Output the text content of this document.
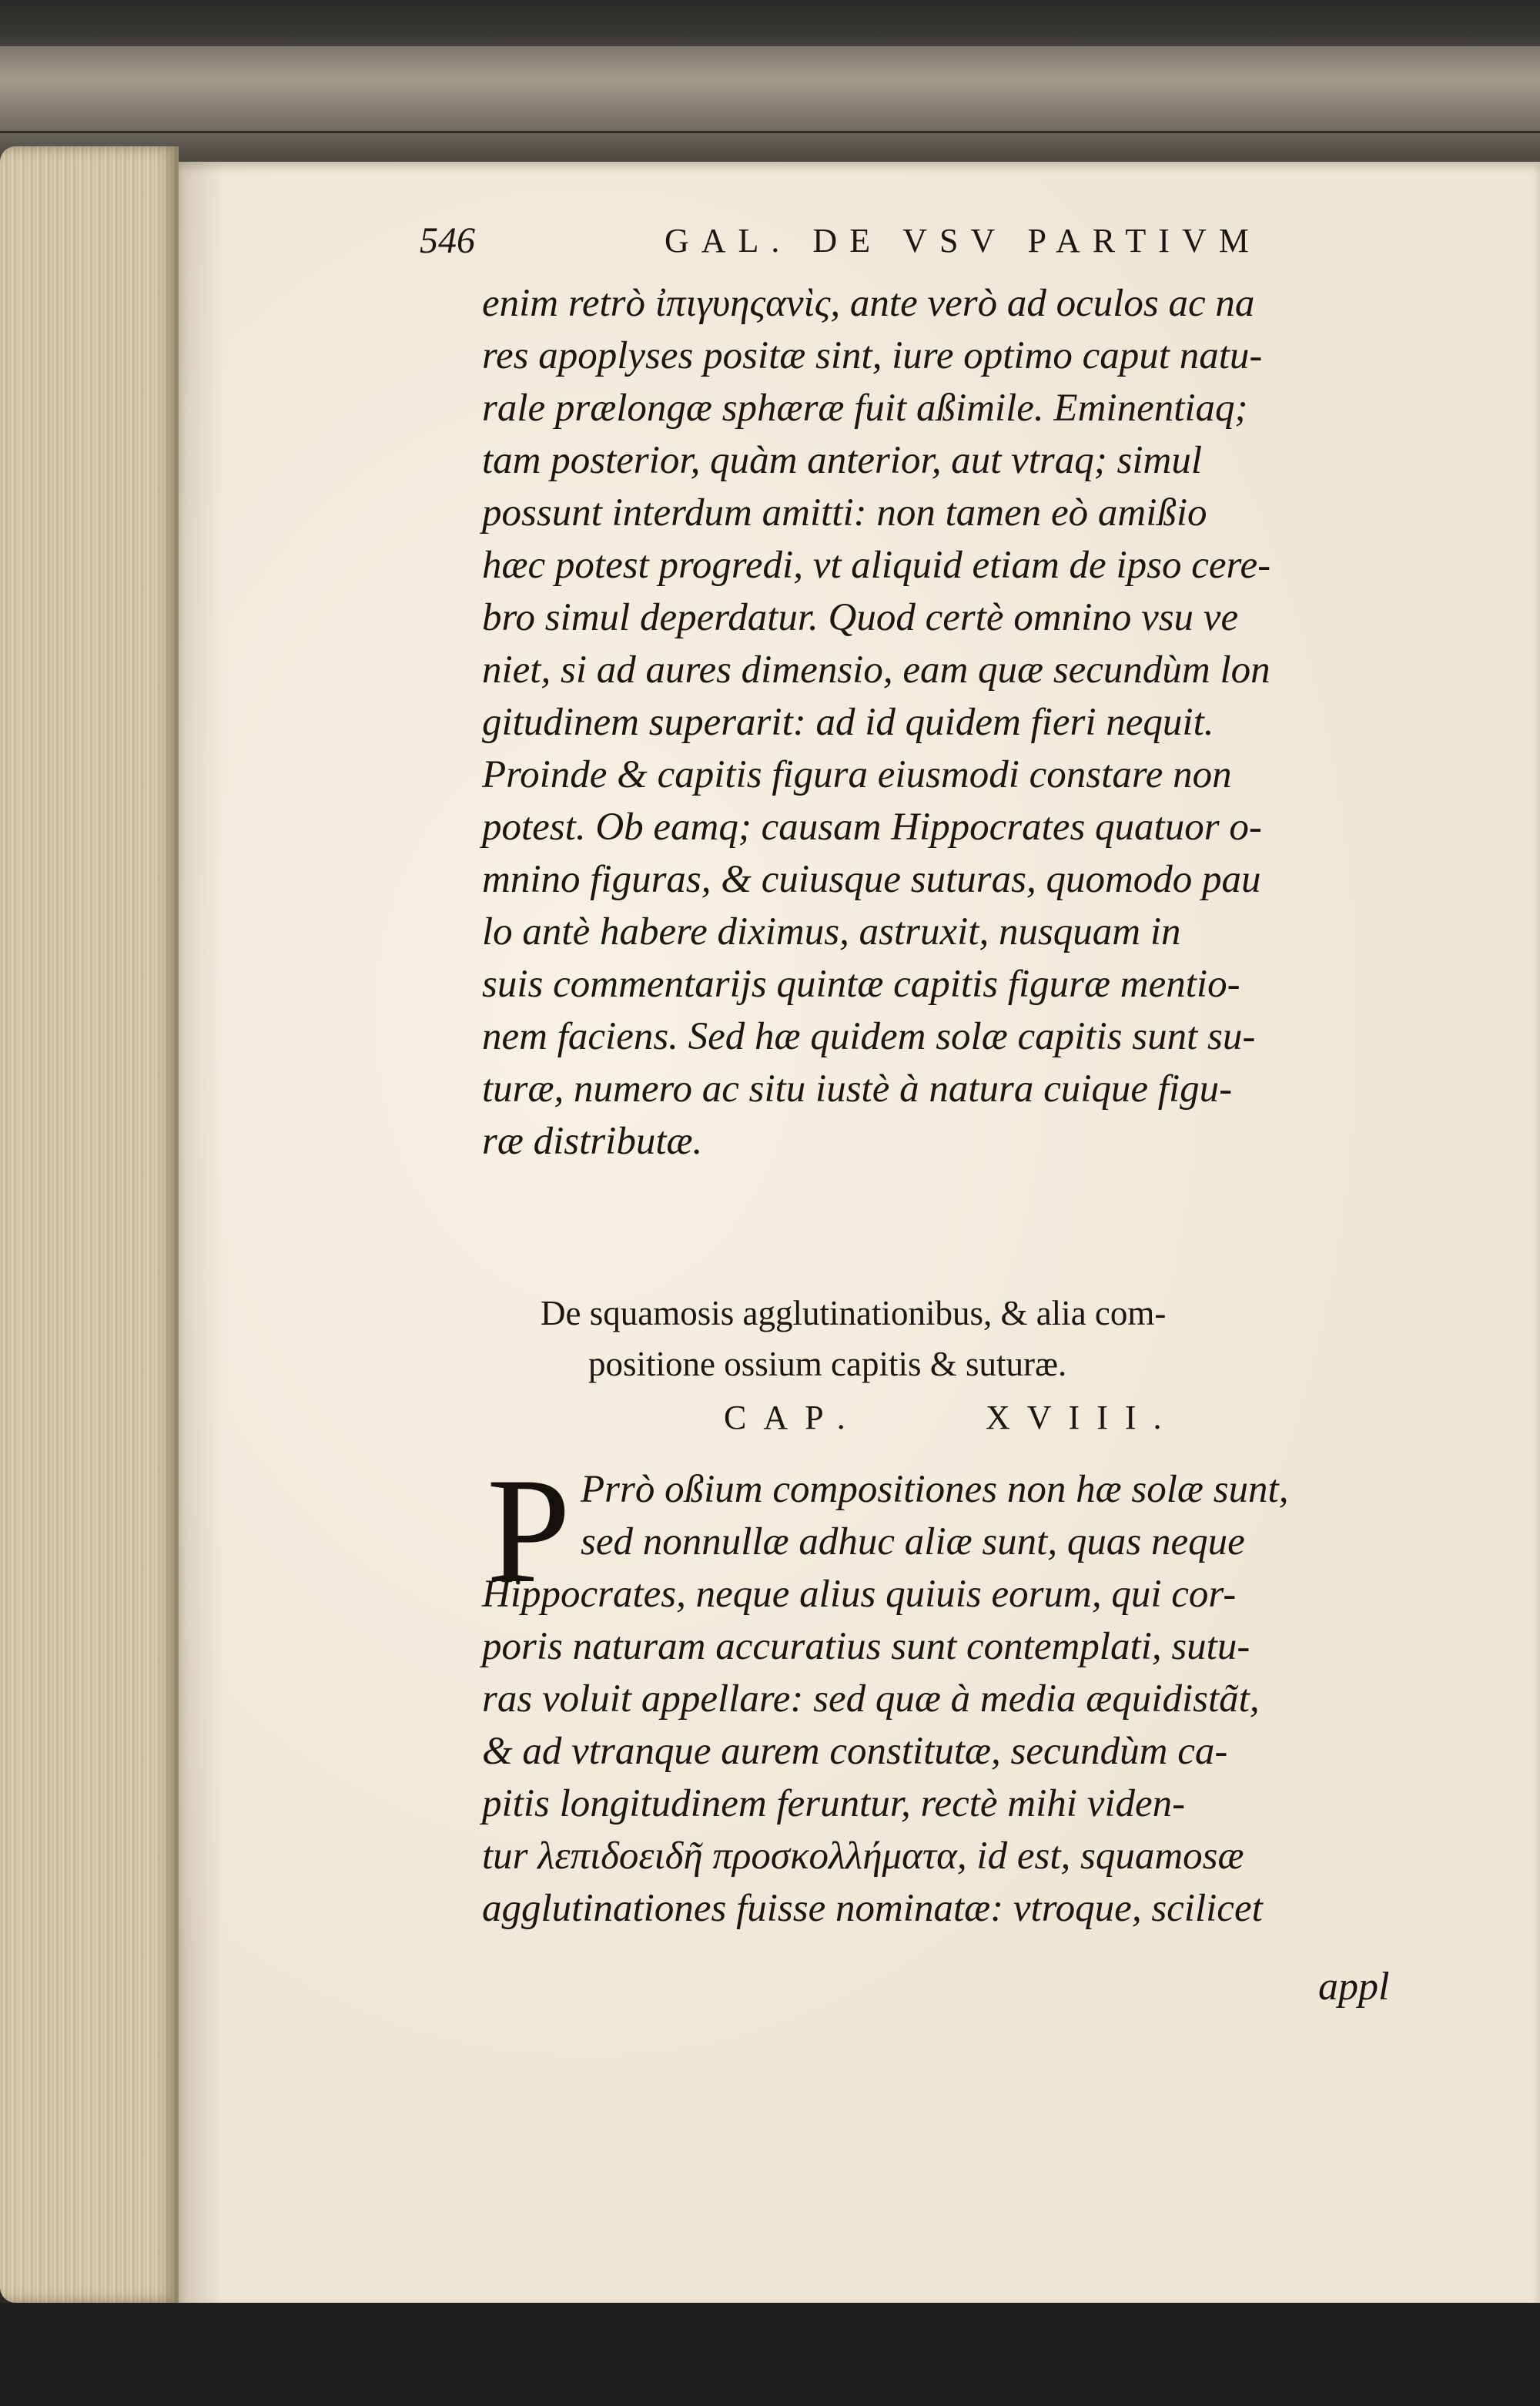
546	GAL. DE VSV PARTIVM
enim retrò ἰπιγυηςανὶς, ante verò ad oculos ac na
res apoplyses positæ sint, iure optimo caput natu-
rale prælongæ sphæræ fuit aßimile. Eminentiaq;
tam posterior, quàm anterior, aut vtraq; simul
possunt interdum amitti: non tamen eò amißio
hæc potest progredi, vt aliquid etiam de ipso cere-
bro simul deperdatur. Quod certè omnino vsu ve
niet, si ad aures dimensio, eam quæ secundùm lon
gitudinem superarit: ad id quidem fieri nequit.
Proinde & capitis figura eiusmodi constare non
potest. Ob eamq; causam Hippocrates quatuor o-
mnino figuras, & cuiusque suturas, quomodo pau
lo antè habere diximus, astruxit, nusquam in
suis commentarijs quintæ capitis figuræ mentio-
nem faciens. Sed hæ quidem solæ capitis sunt su-
turæ, numero ac situ iustè à natura cuique figu-
ræ distributæ.
De squamosis agglutinationibus, & alia com-
positione ossium capitis & suturæ.
CAP.	XVIII.
P Prrò oßium compositiones non hæ solæ sunt,
sed nonnullæ adhuc aliæ sunt, quas neque
Hippocrates, neque alius quiuis eorum, qui cor-
poris naturam accuratius sunt contemplati, sutu-
ras voluit appellare: sed quæ à media æquidistãt,
& ad vtranque aurem constitutæ, secundùm ca-
pitis longitudinem feruntur, rectè mihi viden-
tur λεπιδοειδῆ προσκολλήματα, id est, squamosæ
agglutinationes fuisse nominatæ: vtroque, scilicet
appl
